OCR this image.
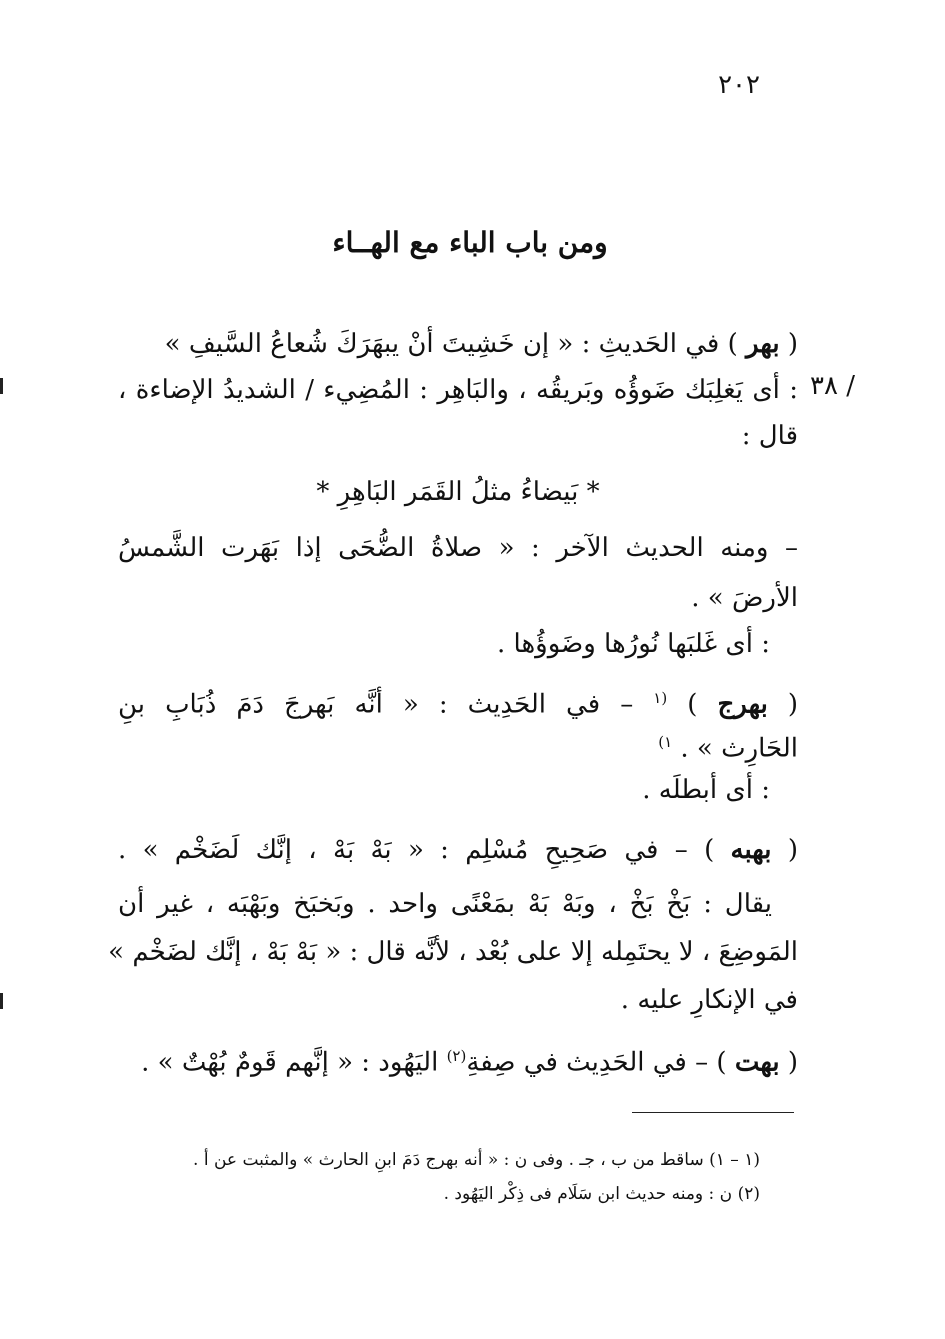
٢٠٢
ومن باب الباء مع الهــاء
٣٨ /
( بهر ) في الحَديثِ : « إن خَشِيتَ أنْ يبهَرَكَ شُعاعُ السَّيفِ »
: أى يَغلِبَك ضَوؤُه وبَريقُه ، والبَاهِر : المُضِيء / الشديدُ الإضاءة ،
قال :
* بَيضاءُ مثلُ القَمَر البَاهِرِ *
– ومنه الحديث الآخر : « صلاةُ الضُّحَى إذا بَهَرت الشَّمسُ
الأرضَ » .
: أى غَلبَها نُورُها وضَوؤُها .
( بهرج ) $^{(١}$ – في الحَدِيث : « أنَّه بَهرجَ دَمَ ذُبَابِ بنِ
الحَارِث » . $^{١)}$
: أى أبطلَه .
( بهبه ) – في صَحِيحِ مُسْلِم : « بَهْ بَهْ ، إنَّك لَضَخْم » .
يقال : بَخْ بَخْ ، وبَهْ بَهْ بمَعْنًى واحد . وبَخبَخ وبَهْبَه ، غير أن
المَوضِعَ ، لا يحتَمِله إلا على بُعْد ، لأنَّه قال : « بَهْ بَهْ ، إنَّك لضَخْم »
في الإنكارِ عليه .
( بهت ) – في الحَدِيث في صِفةِ$^{(٢)}$ اليَهُود : « إنَّهم قَومٌ بُهْتٌ » .
(١ – ١) ساقط من ب ، جـ . وفى ن : « أنه بهرج دَمَ ابنِ الحارث » والمثبت عن أ .
(٢) ن : ومنه حديث ابن سَلَام فى ذِكْر اليَهُود .
